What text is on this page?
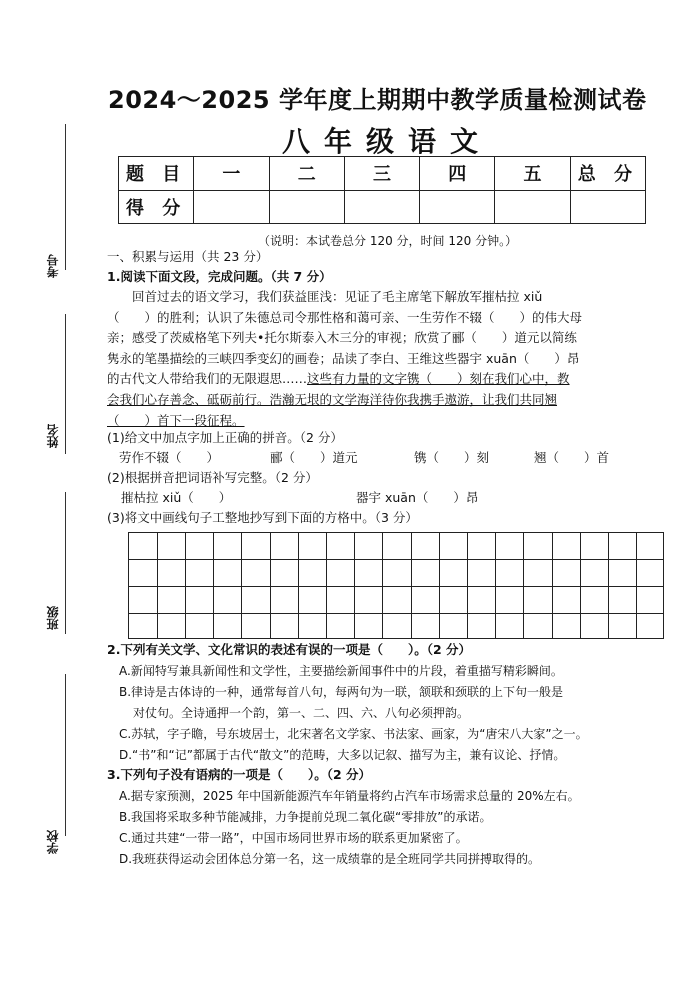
考号
姓名
班级
学校
2024～2025 学年度上期期中教学质量检测试卷
八年级语文
题 目	一	二	三	四	五	总 分
得 分						
（说明：本试卷总分 120 分，时间 120 分钟。）
一、积累与运用（共 23 分）
1.阅读下面文段，完成问题。（共 7 分）
回首过去的语文学习，我们获益匪浅：见证了毛主席笔下解放军摧枯拉 xiǔ
（　　）的胜利；认识了朱德总司令那性格和蔼可亲、一生劳作不辍（　　）的伟大母
亲；感受了茨威格笔下列夫•托尔斯泰入木三分的审视；欣赏了郦（　　）道元以简练
隽永的笔墨描绘的三峡四季变幻的画卷；品读了李白、王维这些器宇 xuān（　　）昂
的古代文人带给我们的无限遐思……这些有力量的文字镌（　　）刻在我们心中，教
会我们心存善念、砥砺前行。浩瀚无垠的文学海洋待你我携手遨游，让我们共同翘
（　　）首下一段征程。
(1)给文中加点字加上正确的拼音。（2 分）
劳作不辍（　　）	郦（　　）道元	镌（　　）刻	翘（　　）首
(2)根据拼音把词语补写完整。（2 分）
摧枯拉 xiǔ（　　）	器宇 xuān（　　）昂
(3)将文中画线句子工整地抄写到下面的方格中。（3 分）
2.下列有关文学、文化常识的表述有误的一项是（　　）。（2 分）
A.新闻特写兼具新闻性和文学性，主要描绘新闻事件中的片段，着重描写精彩瞬间。
B.律诗是古体诗的一种，通常每首八句，每两句为一联，颔联和颈联的上下句一般是
对仗句。全诗通押一个韵，第一、二、四、六、八句必须押韵。
C.苏轼，字子瞻，号东坡居士，北宋著名文学家、书法家、画家，为“唐宋八大家”之一。
D.“书”和“记”都属于古代“散文”的范畴，大多以记叙、描写为主，兼有议论、抒情。
3.下列句子没有语病的一项是（　　）。（2 分）
A.据专家预测，2025 年中国新能源汽车年销量将约占汽车市场需求总量的 20%左右。
B.我国将采取多种节能减排，力争提前兑现二氧化碳“零排放”的承诺。
C.通过共建“一带一路”，中国市场同世界市场的联系更加紧密了。
D.我班获得运动会团体总分第一名，这一成绩靠的是全班同学共同拼搏取得的。
